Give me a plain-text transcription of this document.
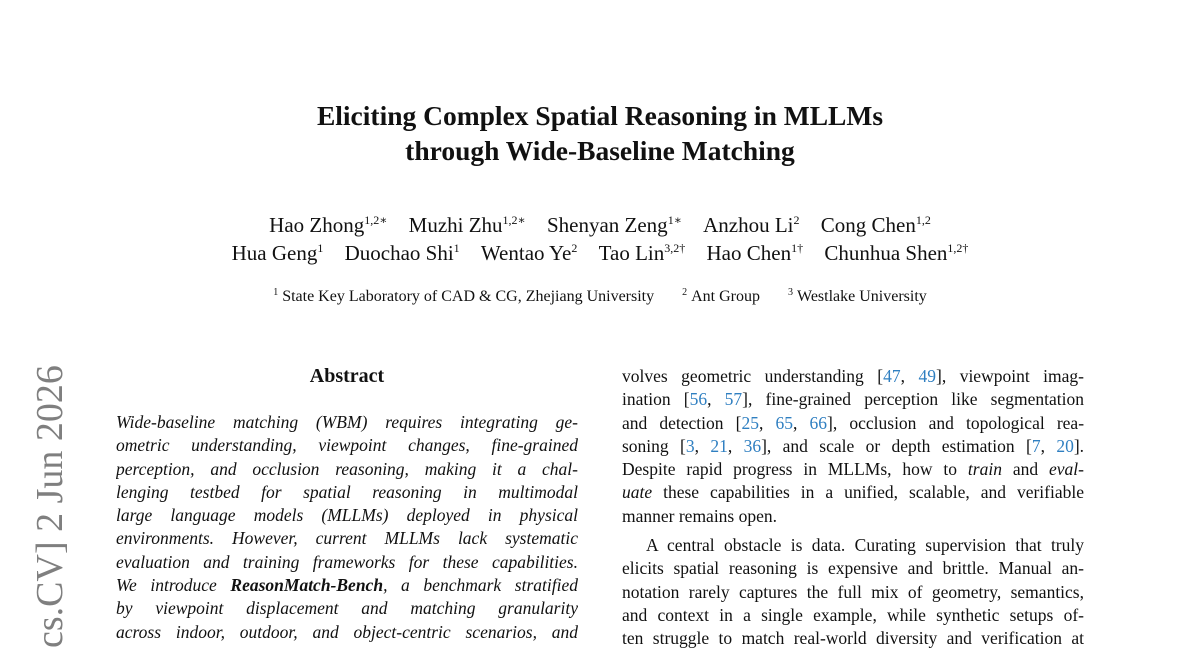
cs.CV] 2 Jun 2026
Eliciting Complex Spatial Reasoning in MLLMs
through Wide-Baseline Matching
Hao Zhong$^{1,2∗}$ Muzhi Zhu$^{1,2∗}$ Shenyan Zeng$^{1∗}$ Anzhou Li$^2$ Cong Chen$^{1,2}$
Hua Geng$^1$ Duochao Shi$^1$ Wentao Ye$^2$ Tao Lin$^{3,2\dagger}$ Hao Chen$^{1\dagger}$ Chunhua Shen$^{1,2\dagger}$
$^1$ State Key Laboratory of CAD & CG, Zhejiang University	$^2$ Ant Group	$^3$ Westlake University
Abstract
Wide-baseline matching (WBM) requires integrating ge-
ometric understanding, viewpoint changes, fine-grained
perception, and occlusion reasoning, making it a chal-
lenging testbed for spatial reasoning in multimodal
large language models (MLLMs) deployed in physical
environments. However, current MLLMs lack systematic
evaluation and training frameworks for these capabilities.
We introduce ReasonMatch-Bench, a benchmark stratified
by viewpoint displacement and matching granularity
across indoor, outdoor, and object-centric scenarios, and
volves geometric understanding [47, 49], viewpoint imag-
ination [56, 57], fine-grained perception like segmentation
and detection [25, 65, 66], occlusion and topological rea-
soning [3, 21, 36], and scale or depth estimation [7, 20].
Despite rapid progress in MLLMs, how to train and eval-
uate these capabilities in a unified, scalable, and verifiable
manner remains open.
A central obstacle is data. Curating supervision that truly
elicits spatial reasoning is expensive and brittle. Manual an-
notation rarely captures the full mix of geometry, semantics,
and context in a single example, while synthetic setups of-
ten struggle to match real-world diversity and verification at
